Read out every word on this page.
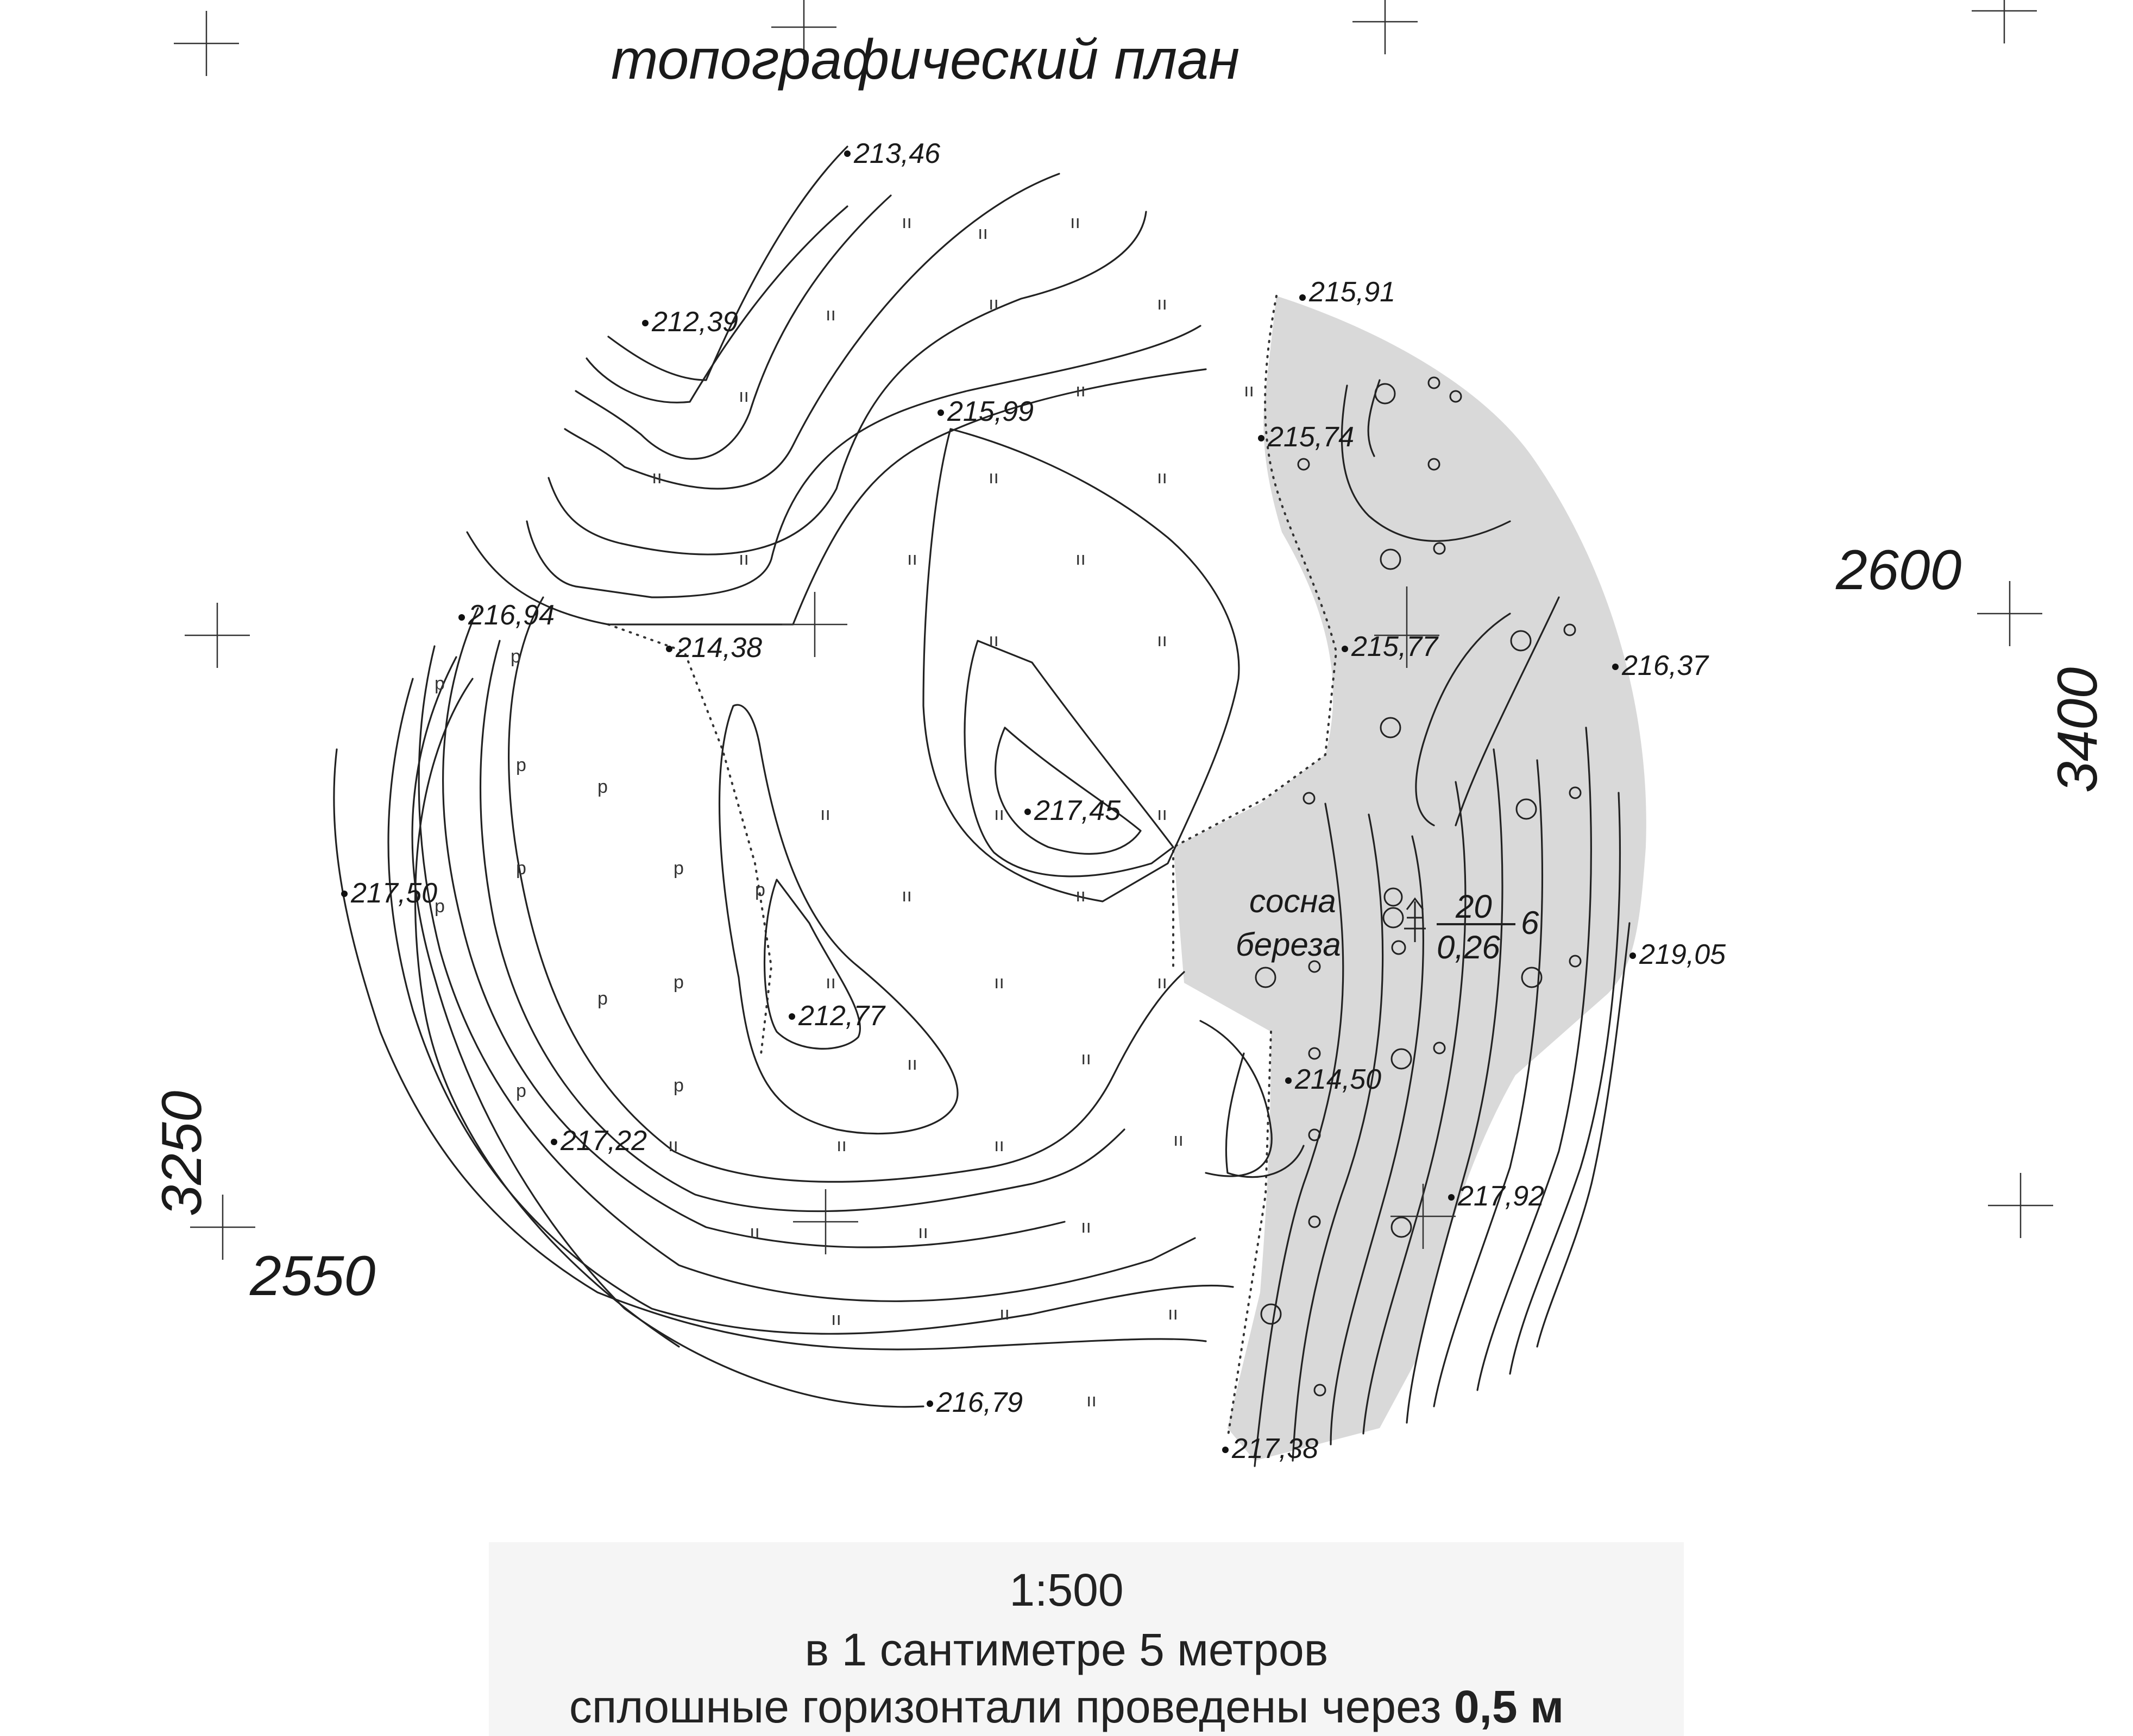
ıı	ıı
ıı
ıı
ıı	ıı
ıı
ıı
ıı	ıı
ıı	ıı
ıı	ıı	ıı
ıı	ıı
ıı	ıı	ıı
ıı	ıı
ıı
ıı	ıı
ıı	ıı
ıı	ıı	ıı	ıı
ıı	ıı	ıı
ıı	ıı	ıı
ıı
р
р
р
р
р	р
р
р
р	р
р
р
213,46
212,39
215,91
215,99
215,74
216,94
214,38	215,77
216,37
217,45
217,50
212,77
219,05
214,50
217,22
217,92
216,79
217,38
сосна
береза
20
0,26
6
топографический план
2600
3400
3250
2550
1:500
в 1 сантиметре 5 метров
сплошные горизонтали проведены через 0,5 м
